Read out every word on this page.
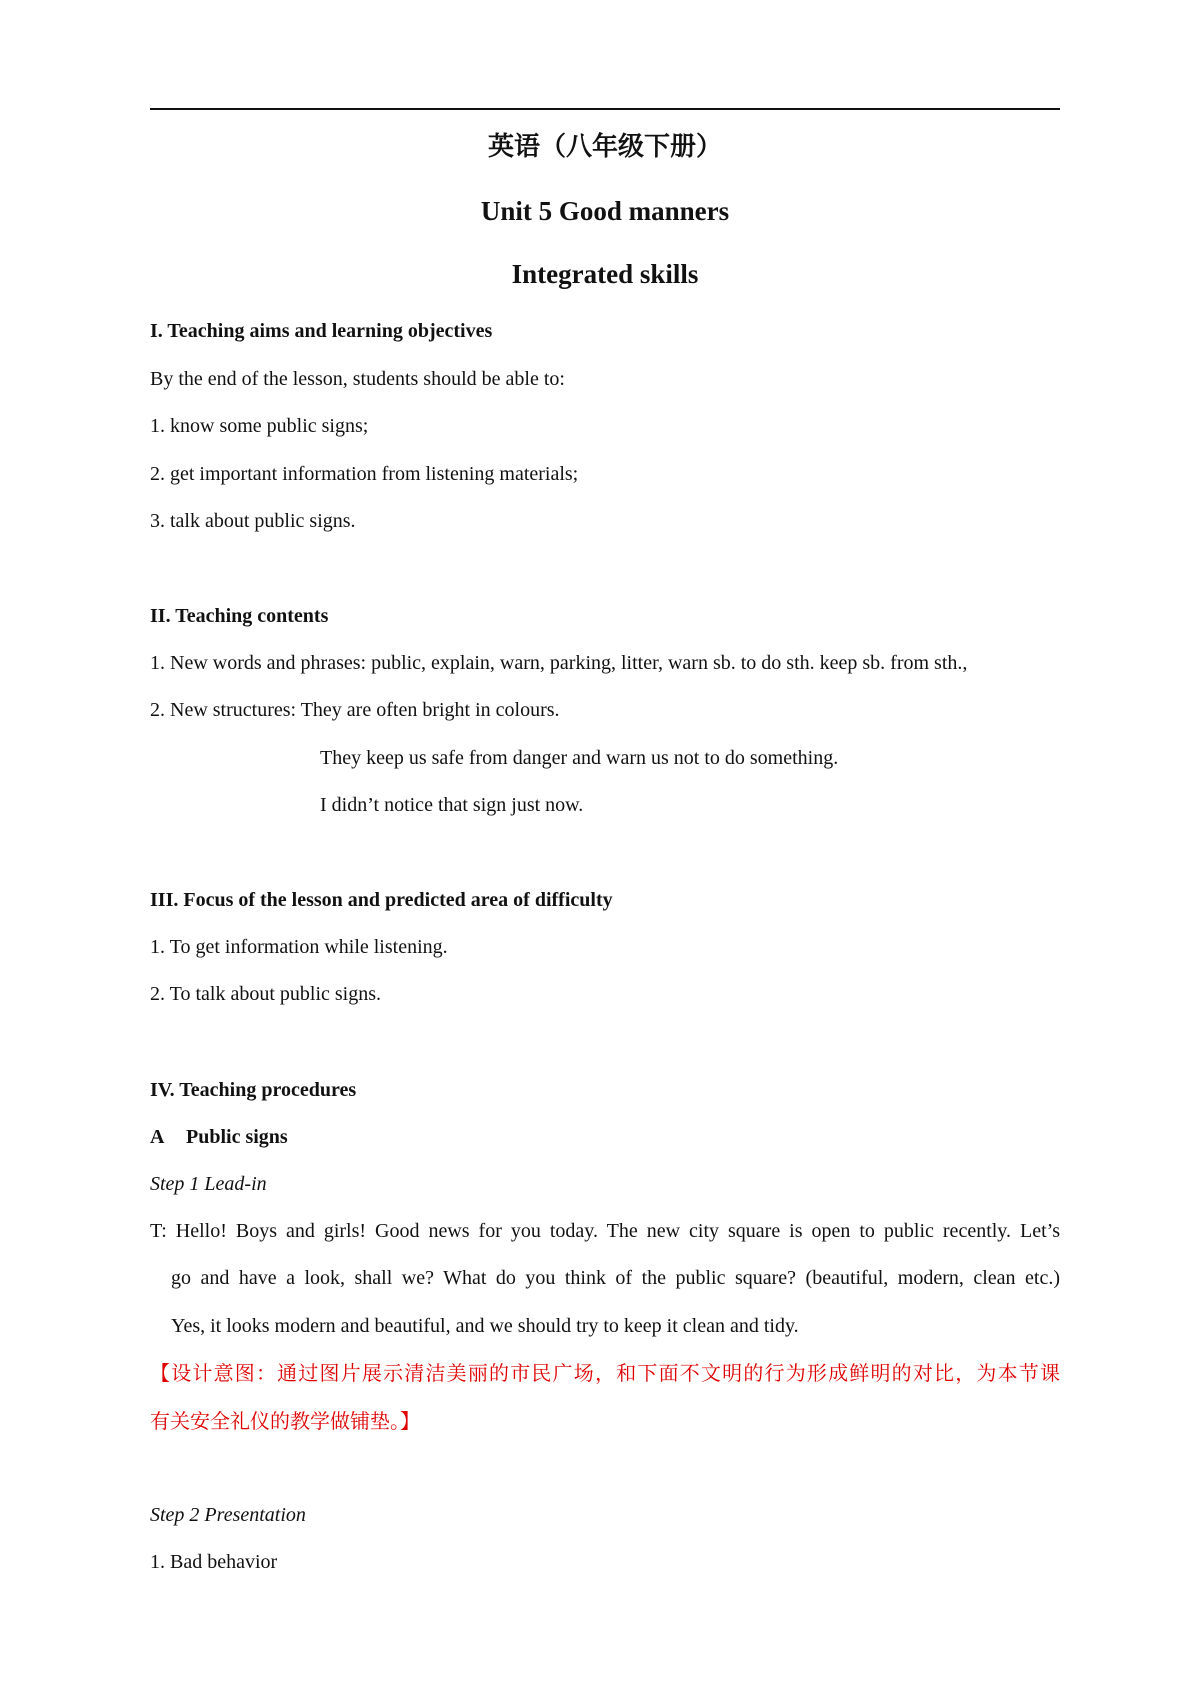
英语（八年级下册）
Unit 5 Good manners
Integrated skills
I. Teaching aims and learning objectives
By the end of the lesson, students should be able to:
1. know some public signs;
2. get important information from listening materials;
3. talk about public signs.
II. Teaching contents
1. New words and phrases: public, explain, warn, parking, litter, warn sb. to do sth. keep sb. from sth.,
2. New structures: They are often bright in colours.
They keep us safe from danger and warn us not to do something.
I didn’t notice that sign just now.
III. Focus of the lesson and predicted area of difficulty
1. To get information while listening.
2. To talk about public signs.
IV. Teaching procedures
A Public signs
Step 1 Lead-in
T: Hello! Boys and girls! Good news for you today. The new city square is open to public recently. Let’s
go and have a look, shall we? What do you think of the public square? (beautiful, modern, clean etc.)
Yes, it looks modern and beautiful, and we should try to keep it clean and tidy.
【设计意图：通过图片展示清洁美丽的市民广场，和下面不文明的行为形成鲜明的对比，为本节课
有关安全礼仪的教学做铺垫。】
Step 2 Presentation
1. Bad behavior
